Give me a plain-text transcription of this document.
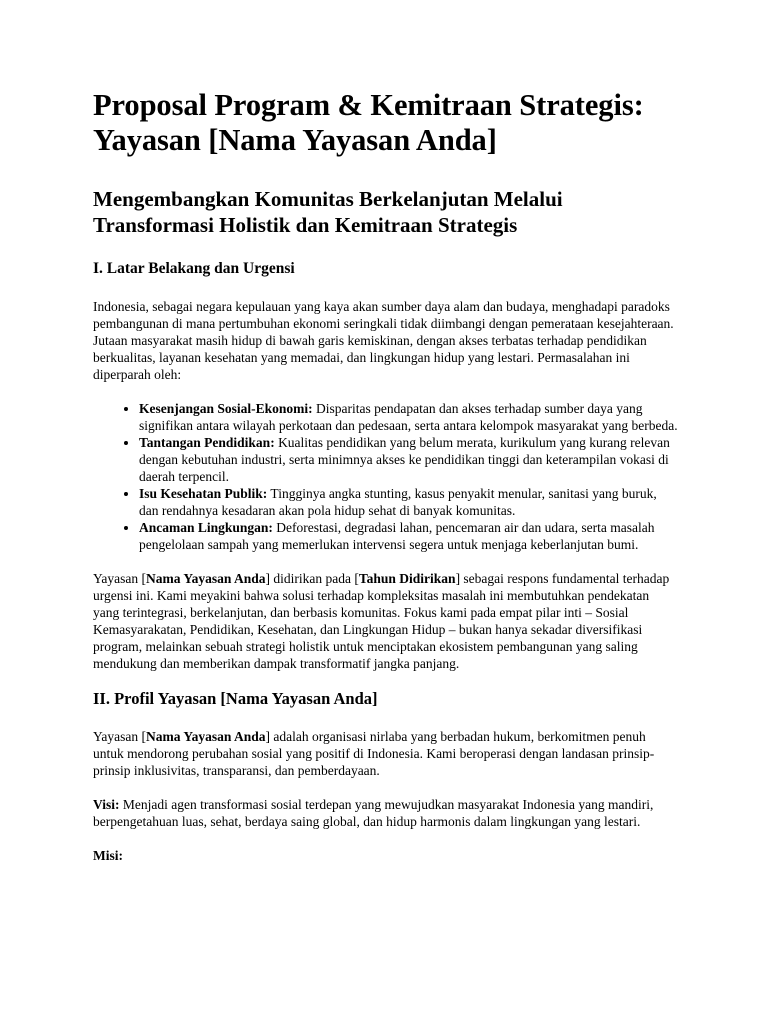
Proposal Program & Kemitraan Strategis:
Yayasan [Nama Yayasan Anda]
Mengembangkan Komunitas Berkelanjutan Melalui
Transformasi Holistik dan Kemitraan Strategis
I. Latar Belakang dan Urgensi

Indonesia, sebagai negara kepulauan yang kaya akan sumber daya alam dan budaya, menghadapi paradoks pembangunan di mana pertumbuhan ekonomi seringkali tidak diimbangi dengan pemerataan kesejahteraan. Jutaan masyarakat masih hidup di bawah garis kemiskinan, dengan akses terbatas terhadap pendidikan berkualitas, layanan kesehatan yang memadai, dan lingkungan hidup yang lestari. Permasalahan ini diperparah oleh:

• Kesenjangan Sosial-Ekonomi: Disparitas pendapatan dan akses terhadap sumber daya yang signifikan antara wilayah perkotaan dan pedesaan, serta antara kelompok masyarakat yang berbeda.
• Tantangan Pendidikan: Kualitas pendidikan yang belum merata, kurikulum yang kurang relevan dengan kebutuhan industri, serta minimnya akses ke pendidikan tinggi dan keterampilan vokasi di daerah terpencil.
• Isu Kesehatan Publik: Tingginya angka stunting, kasus penyakit menular, sanitasi yang buruk, dan rendahnya kesadaran akan pola hidup sehat di banyak komunitas.
• Ancaman Lingkungan: Deforestasi, degradasi lahan, pencemaran air dan udara, serta masalah pengelolaan sampah yang memerlukan intervensi segera untuk menjaga keberlanjutan bumi.

Yayasan [Nama Yayasan Anda] didirikan pada [Tahun Didirikan] sebagai respons fundamental terhadap urgensi ini. Kami meyakini bahwa solusi terhadap kompleksitas masalah ini membutuhkan pendekatan yang terintegrasi, berkelanjutan, dan berbasis komunitas. Fokus kami pada empat pilar inti – Sosial Kemasyarakatan, Pendidikan, Kesehatan, dan Lingkungan Hidup – bukan hanya sekadar diversifikasi program, melainkan sebuah strategi holistik untuk menciptakan ekosistem pembangunan yang saling mendukung dan memberikan dampak transformatif jangka panjang.

II. Profil Yayasan [Nama Yayasan Anda]

Yayasan [Nama Yayasan Anda] adalah organisasi nirlaba yang berbadan hukum, berkomitmen penuh untuk mendorong perubahan sosial yang positif di Indonesia. Kami beroperasi dengan landasan prinsip-prinsip inklusivitas, transparansi, dan pemberdayaan.

Visi: Menjadi agen transformasi sosial terdepan yang mewujudkan masyarakat Indonesia yang mandiri, berpengetahuan luas, sehat, berdaya saing global, dan hidup harmonis dalam lingkungan yang lestari.

Misi:
